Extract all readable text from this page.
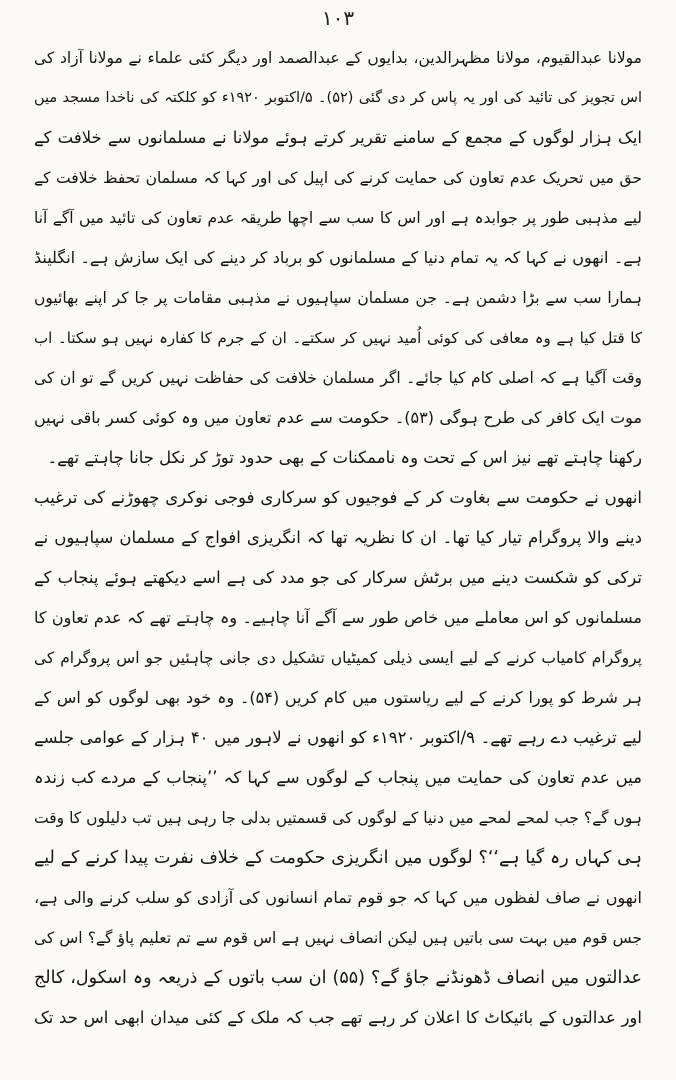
١٠٣
مولانا عبدالقیوم، مولانا مظہرالدین، بدایوں کے عبدالصمد اور دیگر کئی علماء نے مولانا آزاد کی
اس تجویز کی تائید کی اور یہ پاس کر دی گئی (۵۲)۔ ۵/اکتوبر ۱۹۲۰ء کو کلکتہ کی ناخدا مسجد میں
ایک ہزار لوگوں کے مجمع کے سامنے تقریر کرتے ہوئے مولانا نے مسلمانوں سے خلافت کے
حق میں تحریک عدم تعاون کی حمایت کرنے کی اپیل کی اور کہا کہ مسلمان تحفظ خلافت کے
لیے مذہبی طور پر جوابدہ ہے اور اس کا سب سے اچھا طریقہ عدم تعاون کی تائید میں آگے آنا
ہے۔ انھوں نے کہا کہ یہ تمام دنیا کے مسلمانوں کو برباد کر دینے کی ایک سازش ہے۔ انگلینڈ
ہمارا سب سے بڑا دشمن ہے۔ جن مسلمان سپاہیوں نے مذہبی مقامات پر جا کر اپنے بھائیوں
کا قتل کیا ہے وہ معافی کی کوئی اُمید نہیں کر سکتے۔ ان کے جرم کا کفارہ نہیں ہو سکتا۔ اب
وقت آگیا ہے کہ اصلی کام کیا جائے۔ اگر مسلمان خلافت کی حفاظت نہیں کریں گے تو ان کی
موت ایک کافر کی طرح ہوگی (۵۳)۔ حکومت سے عدم تعاون میں وہ کوئی کسر باقی نہیں
رکھنا چاہتے تھے نیز اس کے تحت وہ ناممکنات کے بھی حدود توڑ کر نکل جانا چاہتے تھے۔
انھوں نے حکومت سے بغاوت کر کے فوجیوں کو سرکاری فوجی نوکری چھوڑنے کی ترغیب
دینے والا پروگرام تیار کیا تھا۔ ان کا نظریہ تھا کہ انگریزی افواج کے مسلمان سپاہیوں نے
ترکی کو شکست دینے میں برٹش سرکار کی جو مدد کی ہے اسے دیکھتے ہوئے پنجاب کے
مسلمانوں کو اس معاملے میں خاص طور سے آگے آنا چاہیے۔ وہ چاہتے تھے کہ عدم تعاون کا
پروگرام کامیاب کرنے کے لیے ایسی ذیلی کمیٹیاں تشکیل دی جانی چاہئیں جو اس پروگرام کی
ہر شرط کو پورا کرنے کے لیے ریاستوں میں کام کریں (۵۴)۔ وہ خود بھی لوگوں کو اس کے
لیے ترغیب دے رہے تھے۔ ۹/اکتوبر ۱۹۲۰ء کو انھوں نے لاہور میں ۴۰ ہزار کے عوامی جلسے
میں عدم تعاون کی حمایت میں پنجاب کے لوگوں سے کہا کہ ’’پنجاب کے مردے کب زندہ
ہوں گے؟ جب لمحے لمحے میں دنیا کے لوگوں کی قسمتیں بدلی جا رہی ہیں تب دلیلوں کا وقت
ہی کہاں رہ گیا ہے‘‘؟ لوگوں میں انگریزی حکومت کے خلاف نفرت پیدا کرنے کے لیے
انھوں نے صاف لفظوں میں کہا کہ جو قوم تمام انسانوں کی آزادی کو سلب کرنے والی ہے،
جس قوم میں بہت سی باتیں ہیں لیکن انصاف نہیں ہے اس قوم سے تم تعلیم پاؤ گے؟ اس کی
عدالتوں میں انصاف ڈھونڈنے جاؤ گے؟ (۵۵) ان سب باتوں کے ذریعہ وہ اسکول، کالج
اور عدالتوں کے بائیکاٹ کا اعلان کر رہے تھے جب کہ ملک کے کئی میدان ابھی اس حد تک
